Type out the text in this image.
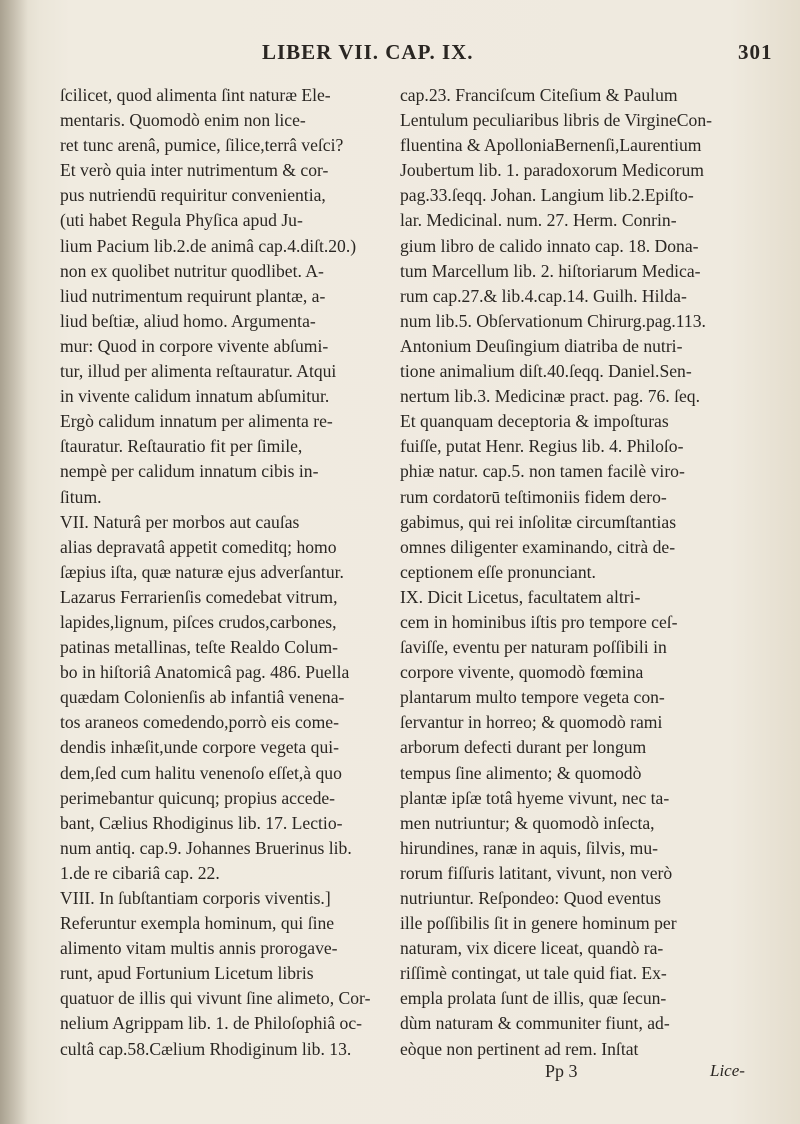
LIBER VII. CAP. IX.	301
ſcilicet, quod alimenta ſint naturæ Ele-
mentaris. Quomodò enim non lice-
ret tunc arenâ, pumice, ſilice,terrâ veſci?
Et verò quia inter nutrimentum & cor-
pus nutriendū requiritur convenientia,
(uti habet Regula Phyſica apud Ju-
lium Pacium lib.2.de animâ cap.4.diſt.20.)
non ex quolibet nutritur quodlibet. A-
liud nutrimentum requirunt plantæ, a-
liud beſtiæ, aliud homo. Argumenta-
mur: Quod in corpore vivente abſumi-
tur, illud per alimenta reſtauratur. Atqui
in vivente calidum innatum abſumitur.
Ergò calidum innatum per alimenta re-
ſtauratur. Reſtauratio fit per ſimile,
nempè per calidum innatum cibis in-
ſitum.
VII. Naturâ per morbos aut cauſas
alias depravatâ appetit comeditq; homo
ſæpius iſta, quæ naturæ ejus adverſantur.
Lazarus Ferrarienſis comedebat vitrum,
lapides,lignum, piſces crudos,carbones,
patinas metallinas, teſte Realdo Colum-
bo in hiſtoriâ Anatomicâ pag. 486. Puella
quædam Colonienſis ab infantiâ venena-
tos araneos comedendo,porrò eis come-
dendis inhæſit,unde corpore vegeta qui-
dem,ſed cum halitu venenoſo eſſet,à quo
perimebantur quicunq; propius accede-
bant, Cælius Rhodiginus lib. 17. Lectio-
num antiq. cap.9. Johannes Bruerinus lib.
1.de re cibariâ cap. 22.
VIII. In ſubſtantiam corporis viventis.]
Referuntur exempla hominum, qui ſine
alimento vitam multis annis prorogave-
runt, apud Fortunium Licetum libris
quatuor de illis qui vivunt ſine alimeto, Cor-
nelium Agrippam lib. 1. de Philoſophiâ oc-
cultâ cap.58.Cælium Rhodiginum lib. 13.
cap.23. Franciſcum Citeſium & Paulum
Lentulum peculiaribus libris de VirgineCon-
fluentina & ApolloniaBernenſi,Laurentium
Joubertum lib. 1. paradoxorum Medicorum
pag.33.ſeqq. Johan. Langium lib.2.Epiſto-
lar. Medicinal. num. 27. Herm. Conrin-
gium libro de calido innato cap. 18. Dona-
tum Marcellum lib. 2. hiſtoriarum Medica-
rum cap.27.& lib.4.cap.14. Guilh. Hilda-
num lib.5. Obſervationum Chirurg.pag.113.
Antonium Deuſingium diatriba de nutri-
tione animalium diſt.40.ſeqq. Daniel.Sen-
nertum lib.3. Medicinæ pract. pag. 76. ſeq.
Et quanquam deceptoria & impoſturas
fuiſſe, putat Henr. Regius lib. 4. Philoſo-
phiæ natur. cap.5. non tamen facilè viro-
rum cordatorū teſtimoniis fidem dero-
gabimus, qui rei inſolitæ circumſtantias
omnes diligenter examinando, citrà de-
ceptionem eſſe pronunciant.
IX. Dicit Licetus, facultatem altri-
cem in hominibus iſtis pro tempore ceſ-
ſaviſſe, eventu per naturam poſſibili in
corpore vivente, quomodò fœmina
plantarum multo tempore vegeta con-
ſervantur in horreo; & quomodò rami
arborum defecti durant per longum
tempus ſine alimento; & quomodò
plantæ ipſæ totâ hyeme vivunt, nec ta-
men nutriuntur; & quomodò inſecta,
hirundines, ranæ in aquis, ſilvis, mu-
rorum fiſſuris latitant, vivunt, non verò
nutriuntur. Reſpondeo: Quod eventus
ille poſſibilis ſit in genere hominum per
naturam, vix dicere liceat, quandò ra-
riſſimè contingat, ut tale quid fiat. Ex-
empla prolata ſunt de illis, quæ ſecun-
dùm naturam & communiter fiunt, ad-
eòque non pertinent ad rem. Inſtat
Pp 3	Lice-
